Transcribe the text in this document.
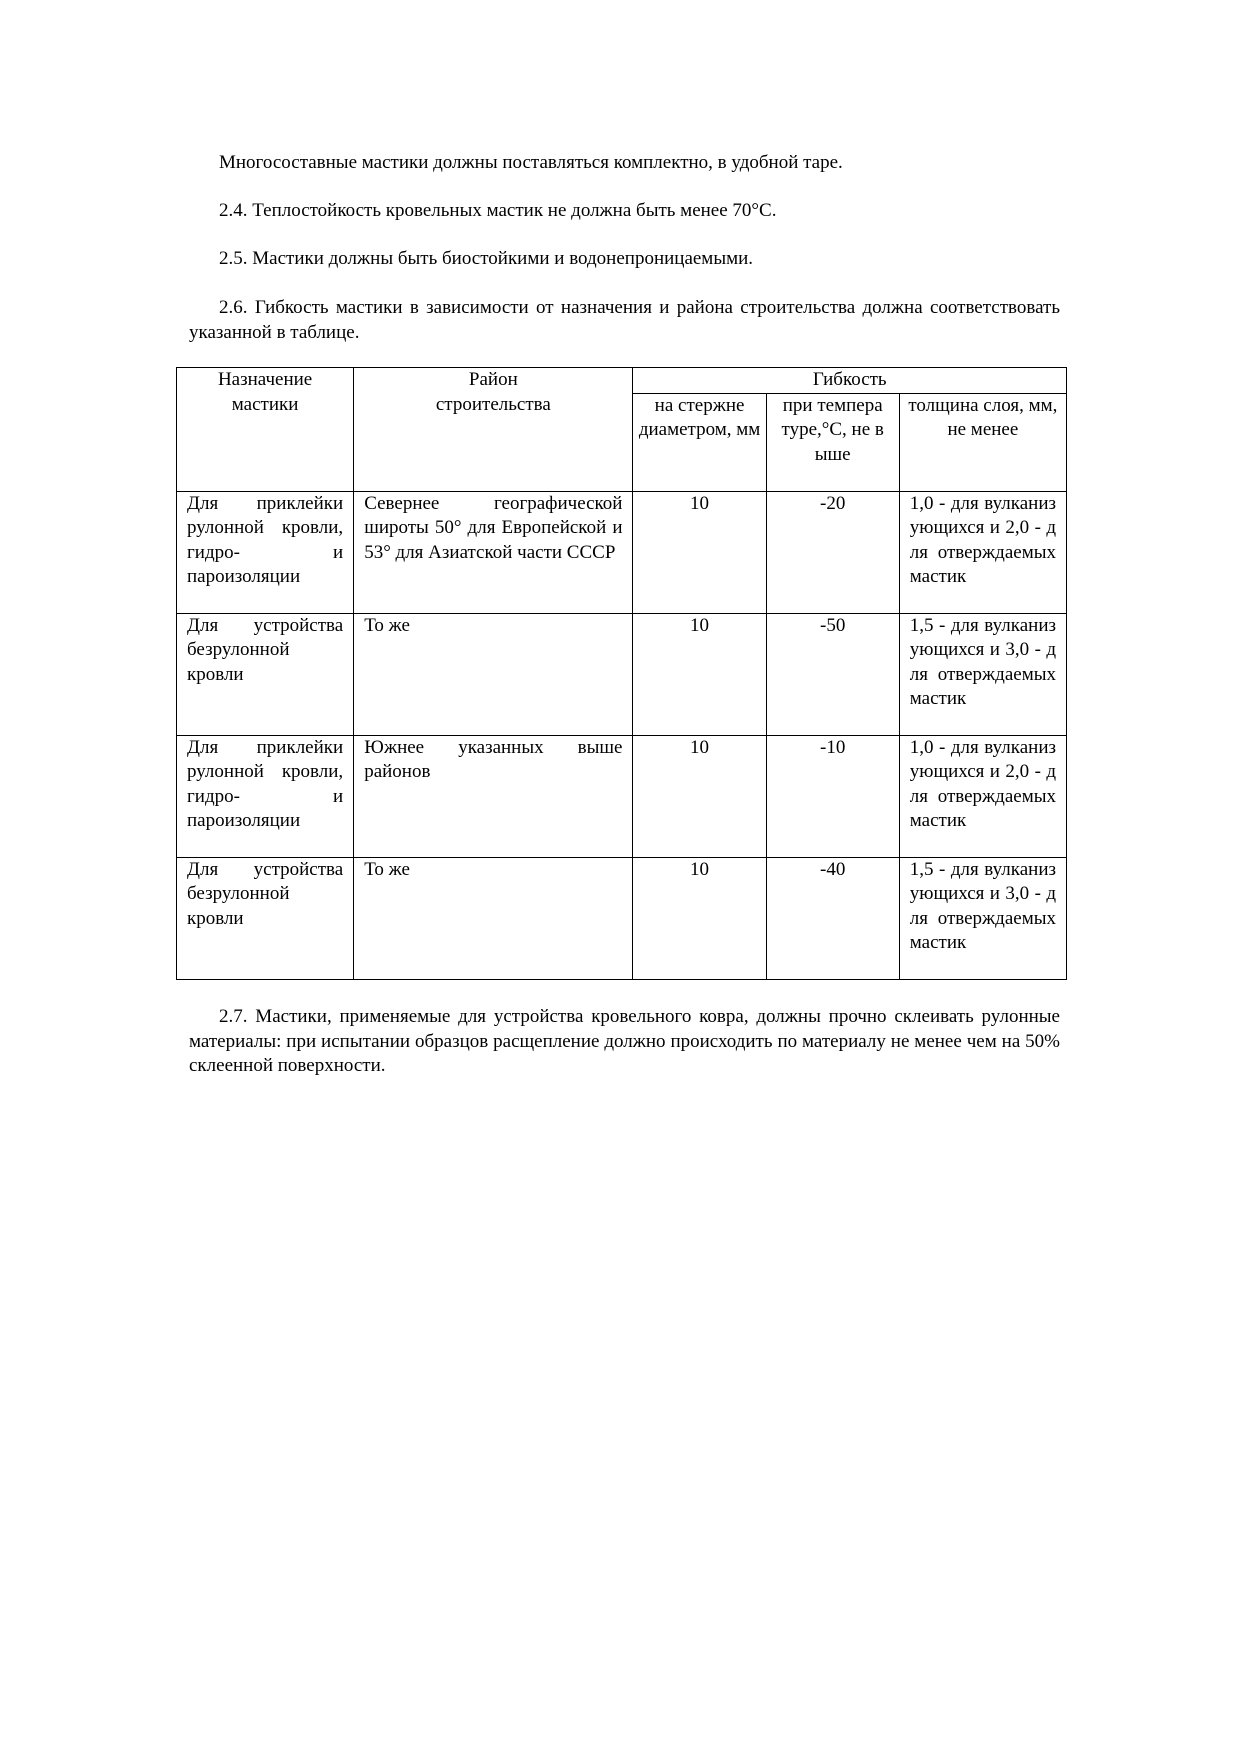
Многосоставные мастики должны поставляться комплектно, в удобной таре.

2.4. Теплостойкость кровельных мастик не должна быть менее 70°С.

2.5. Мастики должны быть биостойкими и водонепроницаемыми.

2.6. Гибкость мастики в зависимости от назначения и района строительства должна соответствовать указанной в таблице.

Назначение мастики	Район строительства	Гибкость		
		на стержне диаметром, мм	при температуре,°С, не выше	толщина слоя, мм, не менее
Для приклейки рулонной кровли, гидро- и пароизоляции	Севернее географической широты 50° для Европейской и 53° для Азиатской части СССР	10	-20	1,0 - для вулканизующихся и 2,0 - для отверждаемых мастик
Для устройства безрулонной кровли	То же	10	-50	1,5 - для вулканизующихся и 3,0 - для отверждаемых мастик
Для приклейки рулонной кровли, гидро- и пароизоляции	Южнее указанных выше районов	10	-10	1,0 - для вулканизующихся и 2,0 - для отверждаемых мастик
Для устройства безрулонной кровли	То же	10	-40	1,5 - для вулканизующихся и 3,0 - для отверждаемых мастик

2.7. Мастики, применяемые для устройства кровельного ковра, должны прочно склеивать рулонные материалы: при испытании образцов расщепление должно происходить по материалу не менее чем на 50% склеенной поверхности.
